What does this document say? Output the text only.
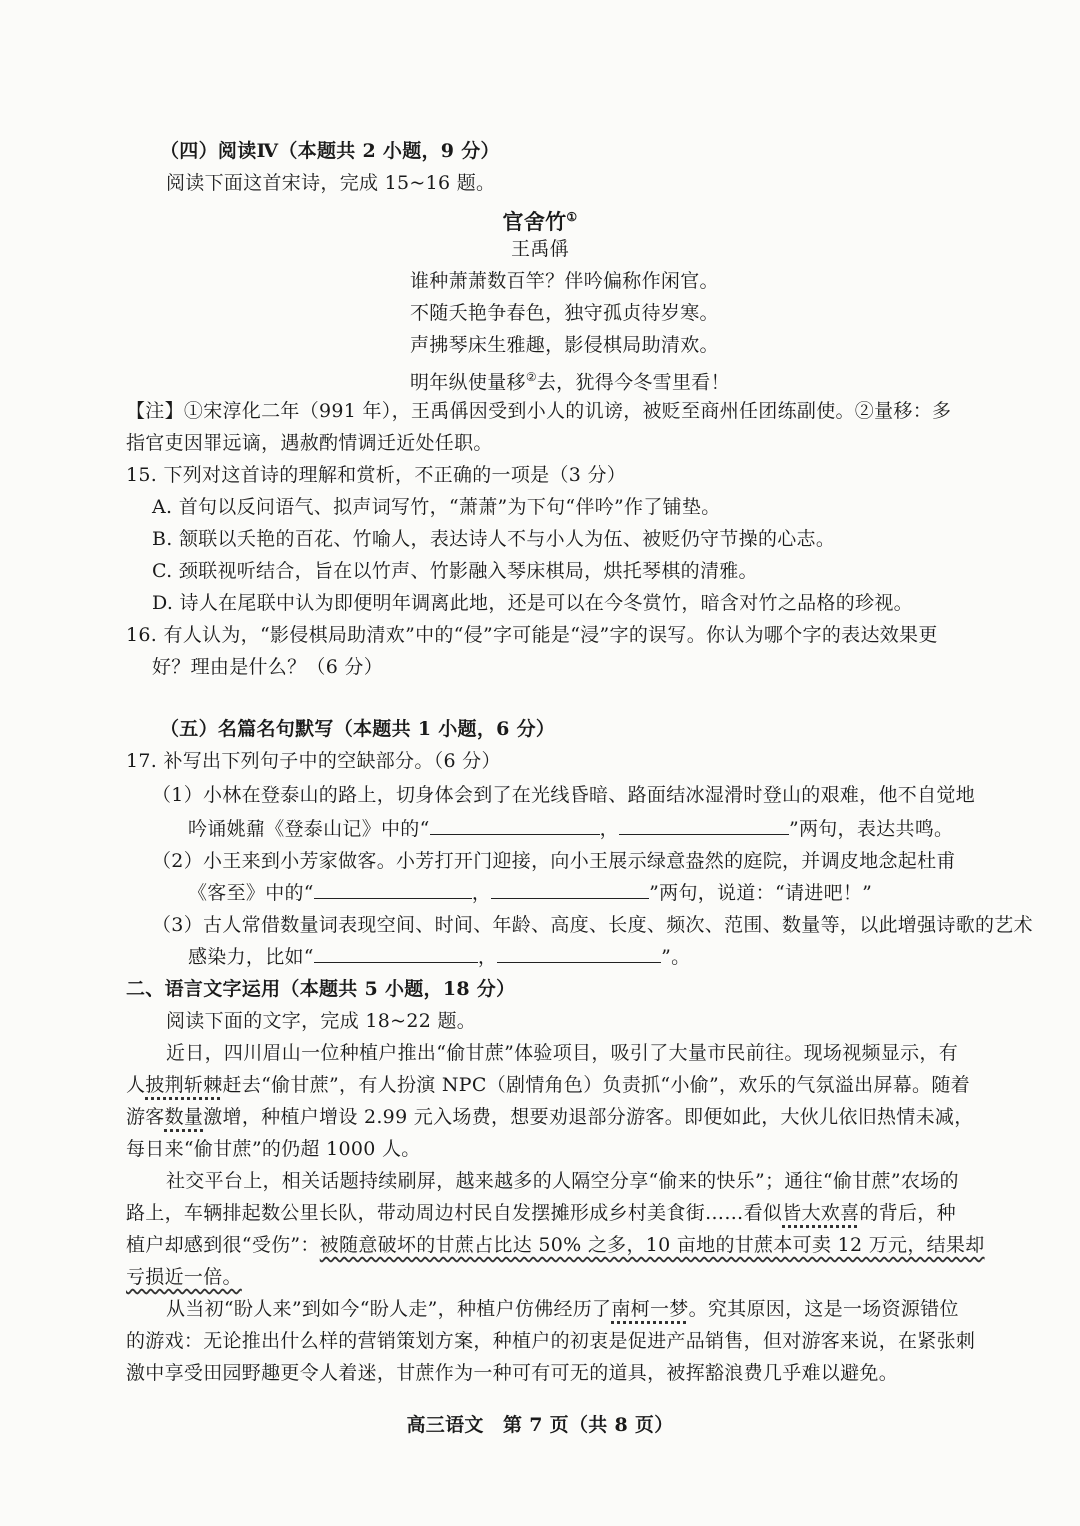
（四）阅读Ⅳ（本题共 2 小题，9 分）
阅读下面这首宋诗，完成 15~16 题。
官舍竹①
王禹偁
谁种萧萧数百竿？伴吟偏称作闲官。
不随夭艳争春色，独守孤贞待岁寒。
声拂琴床生雅趣，影侵棋局助清欢。
明年纵使量移②去，犹得今冬雪里看！
【注】①宋淳化二年（991 年），王禹偁因受到小人的讥谤，被贬至商州任团练副使。②量移：多
指官吏因罪远谪，遇赦酌情调迁近处任职。
15. 下列对这首诗的理解和赏析，不正确的一项是（3 分）
A. 首句以反问语气、拟声词写竹，“萧萧”为下句“伴吟”作了铺垫。
B. 颔联以夭艳的百花、竹喻人，表达诗人不与小人为伍、被贬仍守节操的心志。
C. 颈联视听结合，旨在以竹声、竹影融入琴床棋局，烘托琴棋的清雅。
D. 诗人在尾联中认为即便明年调离此地，还是可以在今冬赏竹，暗含对竹之品格的珍视。
16. 有人认为，“影侵棋局助清欢”中的“侵”字可能是“浸”字的误写。你认为哪个字的表达效果更
好？理由是什么？（6 分）
（五）名篇名句默写（本题共 1 小题，6 分）
17. 补写出下列句子中的空缺部分。（6 分）
（1）小林在登泰山的路上，切身体会到了在光线昏暗、路面结冰湿滑时登山的艰难，他不自觉地
吟诵姚鼐《登泰山记》中的“	，	”两句，表达共鸣。
（2）小王来到小芳家做客。小芳打开门迎接，向小王展示绿意盎然的庭院，并调皮地念起杜甫
《客至》中的“	，	”两句，说道：“请进吧！”
（3）古人常借数量词表现空间、时间、年龄、高度、长度、频次、范围、数量等，以此增强诗歌的艺术
感染力，比如“	，	”。
二、语言文字运用（本题共 5 小题，18 分）
阅读下面的文字，完成 18~22 题。
近日，四川眉山一位种植户推出“偷甘蔗”体验项目，吸引了大量市民前往。现场视频显示，有
人披荆斩棘赶去“偷甘蔗”，有人扮演 NPC（剧情角色）负责抓“小偷”，欢乐的气氛溢出屏幕。随着
游客数量激增，种植户增设 2.99 元入场费，想要劝退部分游客。即便如此，大伙儿依旧热情未减，
每日来“偷甘蔗”的仍超 1000 人。
社交平台上，相关话题持续刷屏，越来越多的人隔空分享“偷来的快乐”；通往“偷甘蔗”农场的
路上，车辆排起数公里长队，带动周边村民自发摆摊形成乡村美食街……看似皆大欢喜的背后，种
植户却感到很“受伤”：被随意破坏的甘蔗占比达 50% 之多，10 亩地的甘蔗本可卖 12 万元，结果却
亏损近一倍。
从当初“盼人来”到如今“盼人走”，种植户仿佛经历了南柯一梦。究其原因，这是一场资源错位
的游戏：无论推出什么样的营销策划方案，种植户的初衷是促进产品销售，但对游客来说，在紧张刺
激中享受田园野趣更令人着迷，甘蔗作为一种可有可无的道具，被挥豁浪费几乎难以避免。
高三语文　第 7 页（共 8 页）
